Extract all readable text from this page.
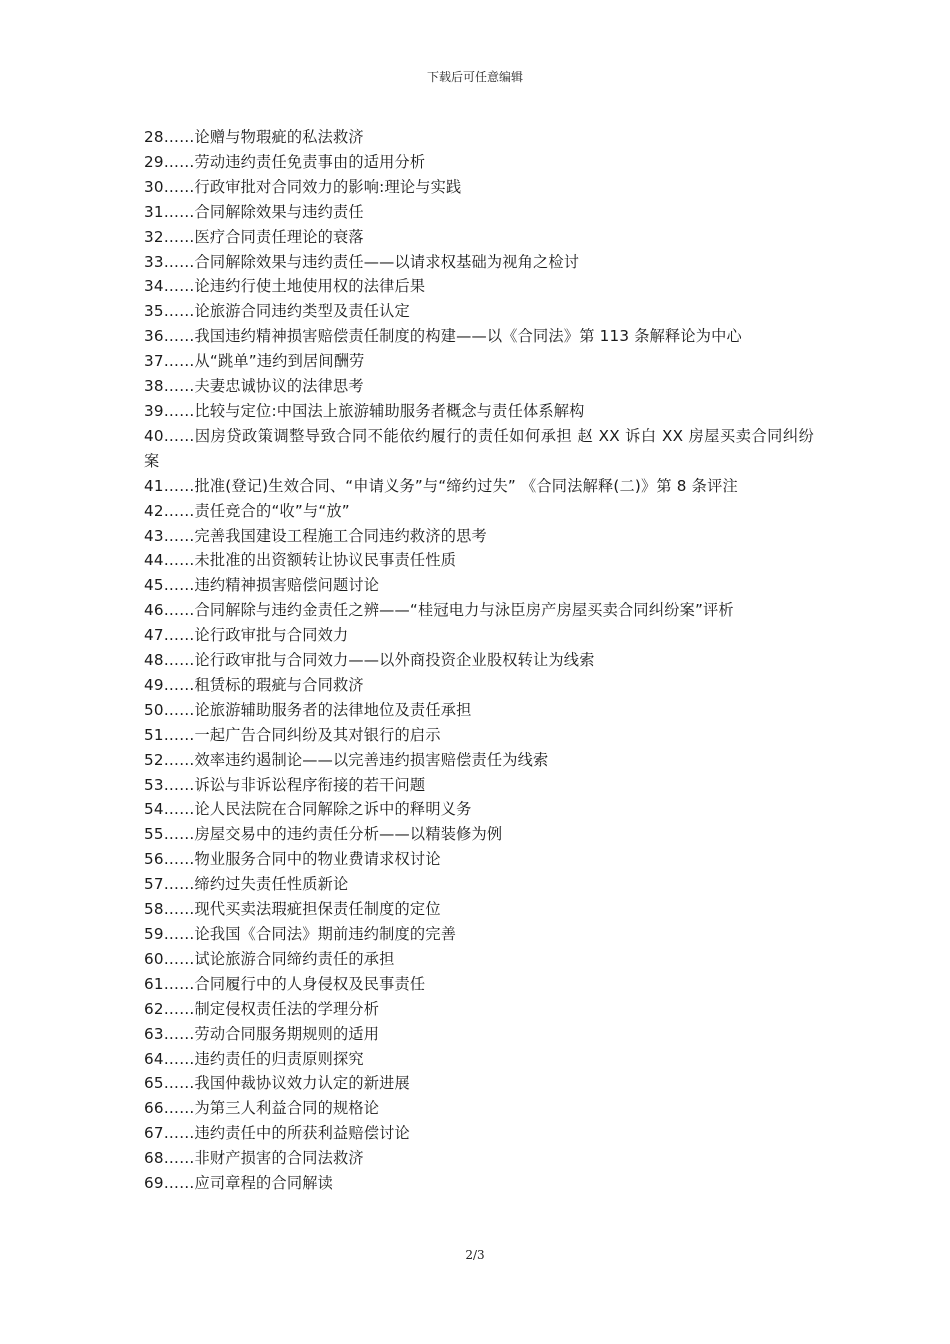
下载后可任意编辑
28……论赠与物瑕疵的私法救济
29……劳动违约责任免责事由的适用分析
30……行政审批对合同效力的影响:理论与实践
31……合同解除效果与违约责任
32……医疗合同责任理论的衰落
33……合同解除效果与违约责任——以请求权基础为视角之检讨
34……论违约行使土地使用权的法律后果
35……论旅游合同违约类型及责任认定
36……我国违约精神损害赔偿责任制度的构建——以《合同法》第 113 条解释论为中心
37……从“跳单”违约到居间酬劳
38……夫妻忠诚协议的法律思考
39……比较与定位:中国法上旅游辅助服务者概念与责任体系解构
40……因房贷政策调整导致合同不能依约履行的责任如何承担 赵 XX 诉白 XX 房屋买卖合同纠纷案
41……批准(登记)生效合同、“申请义务”与“缔约过失” 《合同法解释(二)》第 8 条评注
42……责任竞合的“收”与“放”
43……完善我国建设工程施工合同违约救济的思考
44……未批准的出资额转让协议民事责任性质
45……违约精神损害赔偿问题讨论
46……合同解除与违约金责任之辨——“桂冠电力与泳臣房产房屋买卖合同纠纷案”评析
47……论行政审批与合同效力
48……论行政审批与合同效力——以外商投资企业股权转让为线索
49……租赁标的瑕疵与合同救济
50……论旅游辅助服务者的法律地位及责任承担
51……一起广告合同纠纷及其对银行的启示
52……效率违约遏制论——以完善违约损害赔偿责任为线索
53……诉讼与非诉讼程序衔接的若干问题
54……论人民法院在合同解除之诉中的释明义务
55……房屋交易中的违约责任分析——以精装修为例
56……物业服务合同中的物业费请求权讨论
57……缔约过失责任性质新论
58……现代买卖法瑕疵担保责任制度的定位
59……论我国《合同法》期前违约制度的完善
60……试论旅游合同缔约责任的承担
61……合同履行中的人身侵权及民事责任
62……制定侵权责任法的学理分析
63……劳动合同服务期规则的适用
64……违约责任的归责原则探究
65……我国仲裁协议效力认定的新进展
66……为第三人利益合同的规格论
67……违约责任中的所获利益赔偿讨论
68……非财产损害的合同法救济
69……应司章程的合同解读
2/3
